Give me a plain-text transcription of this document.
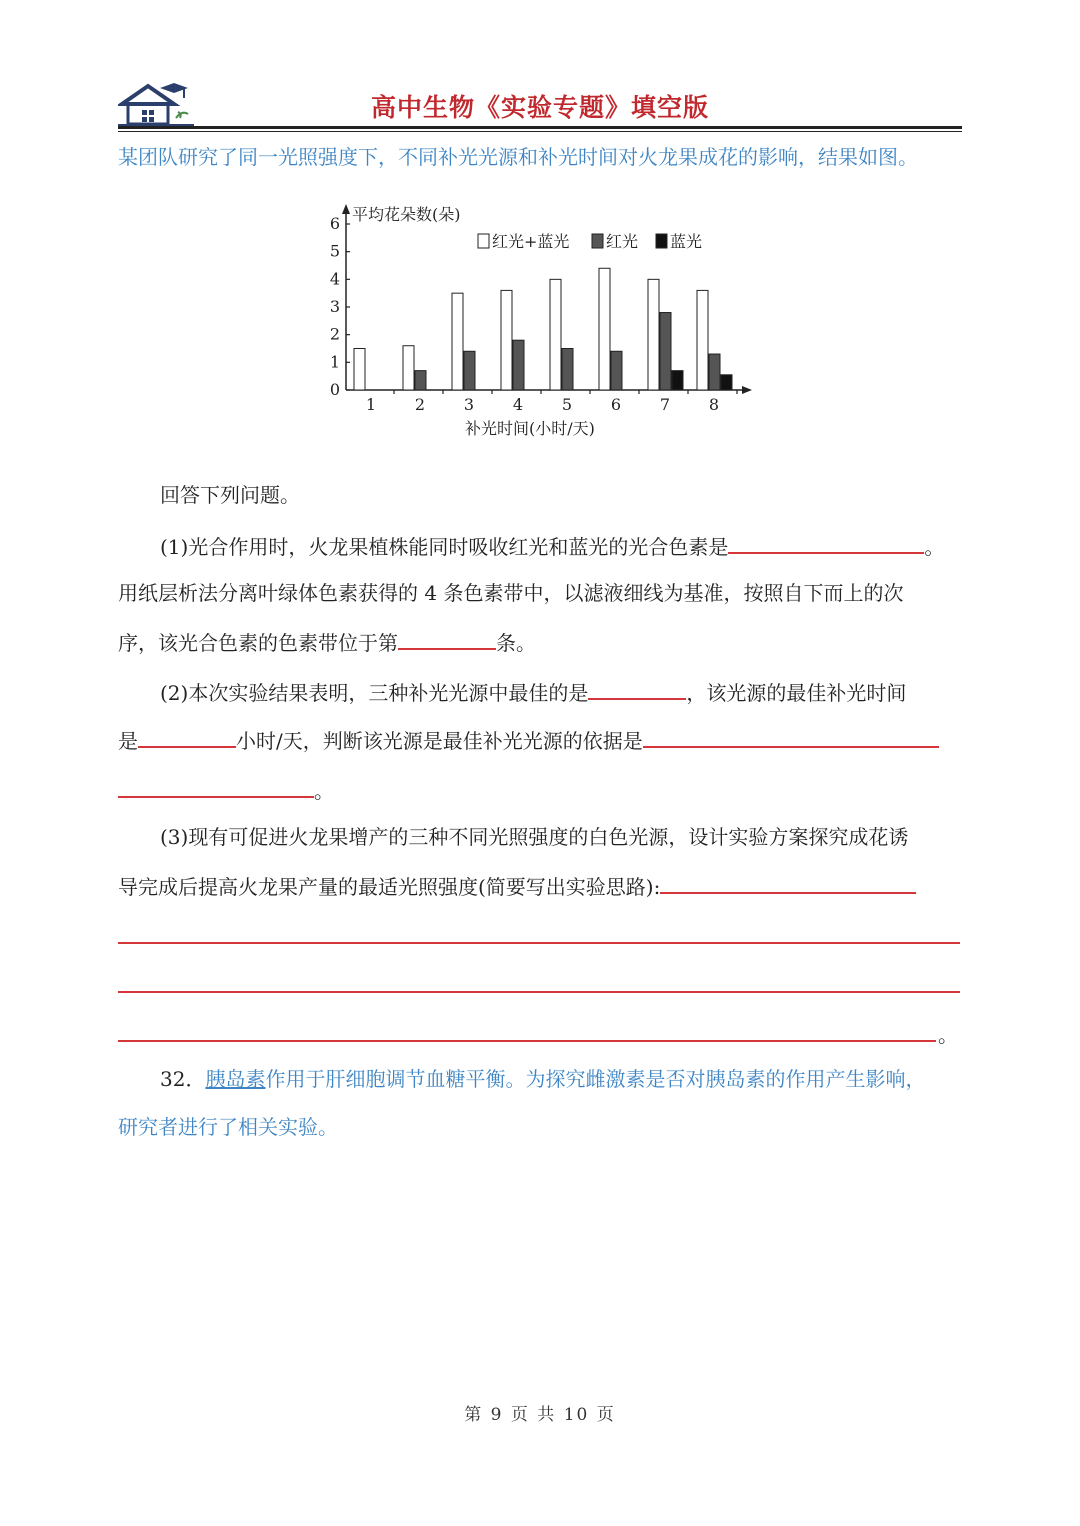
高中生物《实验专题》填空版
某团队研究了同一光照强度下，不同补光光源和补光时间对火龙果成花的影响，结果如图。
0
1
2
3
4
5
6 平均花朵数(朵)
1 2 3 4 5 6 7 8
补光时间(小时/天)
红光+蓝光 红光 蓝光
回答下列问题。
(1)光合作用时，火龙果植株能同时吸收红光和蓝光的光合色素是	。
用纸层析法分离叶绿体色素获得的 4 条色素带中，以滤液细线为基准，按照自下而上的次
序，该光合色素的色素带位于第	条。
(2)本次实验结果表明，三种补光光源中最佳的是	，该光源的最佳补光时间
是	小时/天，判断该光源是最佳补光光源的依据是
。
(3)现有可促进火龙果增产的三种不同光照强度的白色光源，设计实验方案探究成花诱
导完成后提高火龙果产量的最适光照强度(简要写出实验思路):
。
32．胰岛素作用于肝细胞调节血糖平衡。为探究雌激素是否对胰岛素的作用产生影响，
研究者进行了相关实验。
第 9 页 共 10 页
